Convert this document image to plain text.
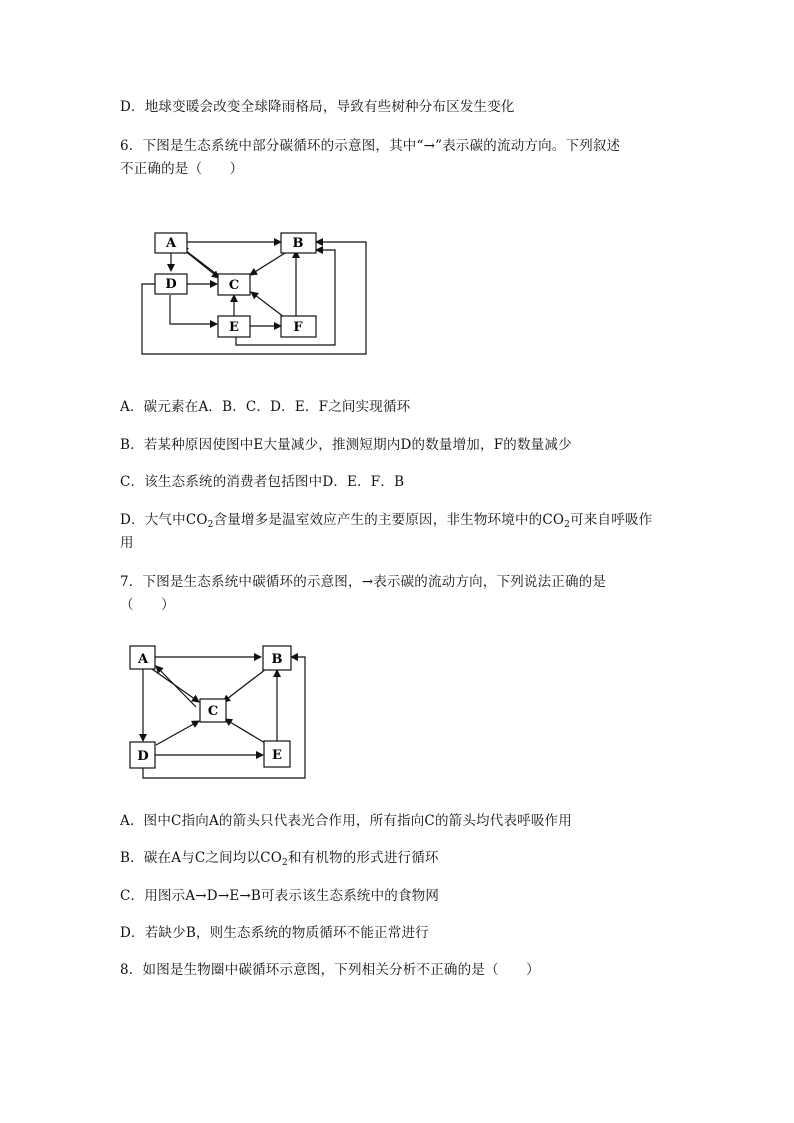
D．地球变暖会改变全球降雨格局，导致有些树种分布区发生变化
6．下图是生态系统中部分碳循环的示意图，其中“→”表示碳的流动方向。下列叙述
不正确的是（　　）
A	B
C
D
E	F
A．碳元素在A．B．C．D．E．F之间实现循环
B．若某种原因使图中E大量减少，推测短期内D的数量增加，F的数量减少
C．该生态系统的消费者包括图中D．E．F．B
D．大气中$CO_2$含量增多是温室效应产生的主要原因，非生物环境中的$CO_2$可来自呼吸作
用
7．下图是生态系统中碳循环的示意图，→表示碳的流动方向，下列说法正确的是
（　　）
A	B
C
D	E
A．图中C指向A的箭头只代表光合作用，所有指向C的箭头均代表呼吸作用
B．碳在A与C之间均以$CO_2$和有机物的形式进行循环
C．用图示A→D→E→B可表示该生态系统中的食物网
D．若缺少B，则生态系统的物质循环不能正常进行
8．如图是生物圈中碳循环示意图，下列相关分析不正确的是（　　）
